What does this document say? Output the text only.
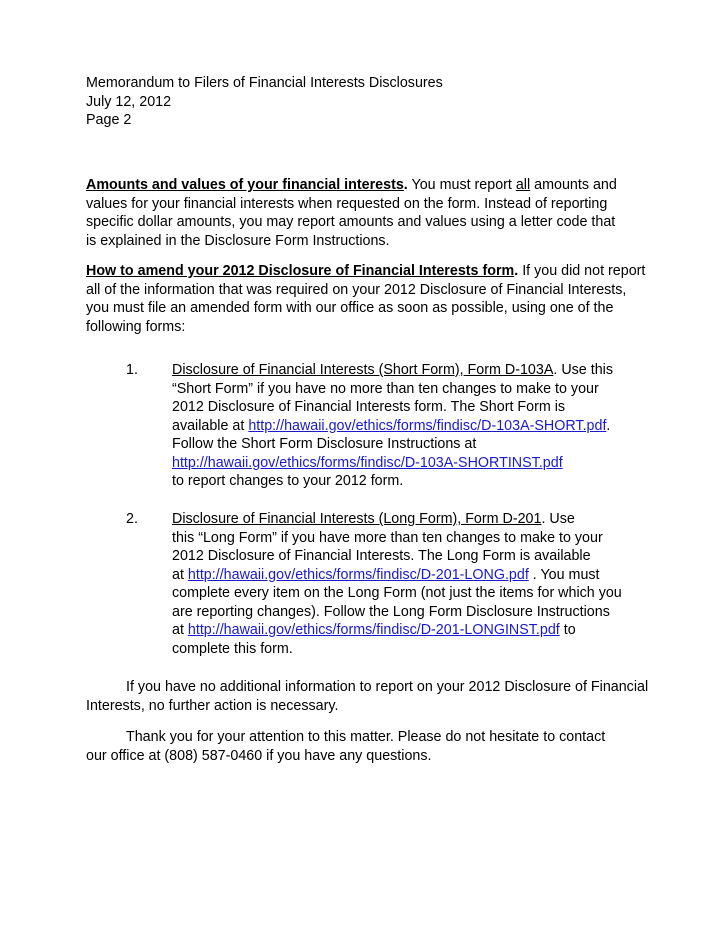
Memorandum to Filers of Financial Interests Disclosures
July 12, 2012
Page 2
Amounts and values of your financial interests. You must report all amounts and
values for your financial interests when requested on the form. Instead of reporting
specific dollar amounts, you may report amounts and values using a letter code that
is explained in the Disclosure Form Instructions.
How to amend your 2012 Disclosure of Financial Interests form. If you did not report
all of the information that was required on your 2012 Disclosure of Financial Interests,
you must file an amended form with our office as soon as possible, using one of the
following forms:
1. Disclosure of Financial Interests (Short Form), Form D-103A. Use this
“Short Form” if you have no more than ten changes to make to your
2012 Disclosure of Financial Interests form. The Short Form is
available at http://hawaii.gov/ethics/forms/findisc/D-103A-SHORT.pdf.
Follow the Short Form Disclosure Instructions at
http://hawaii.gov/ethics/forms/findisc/D-103A-SHORTINST.pdf
to report changes to your 2012 form.
2. Disclosure of Financial Interests (Long Form), Form D-201. Use
this “Long Form” if you have more than ten changes to make to your
2012 Disclosure of Financial Interests. The Long Form is available
at http://hawaii.gov/ethics/forms/findisc/D-201-LONG.pdf . You must
complete every item on the Long Form (not just the items for which you
are reporting changes). Follow the Long Form Disclosure Instructions
at http://hawaii.gov/ethics/forms/findisc/D-201-LONGINST.pdf to
complete this form.
If you have no additional information to report on your 2012 Disclosure of Financial
Interests, no further action is necessary.
Thank you for your attention to this matter. Please do not hesitate to contact
our office at (808) 587-0460 if you have any questions.
